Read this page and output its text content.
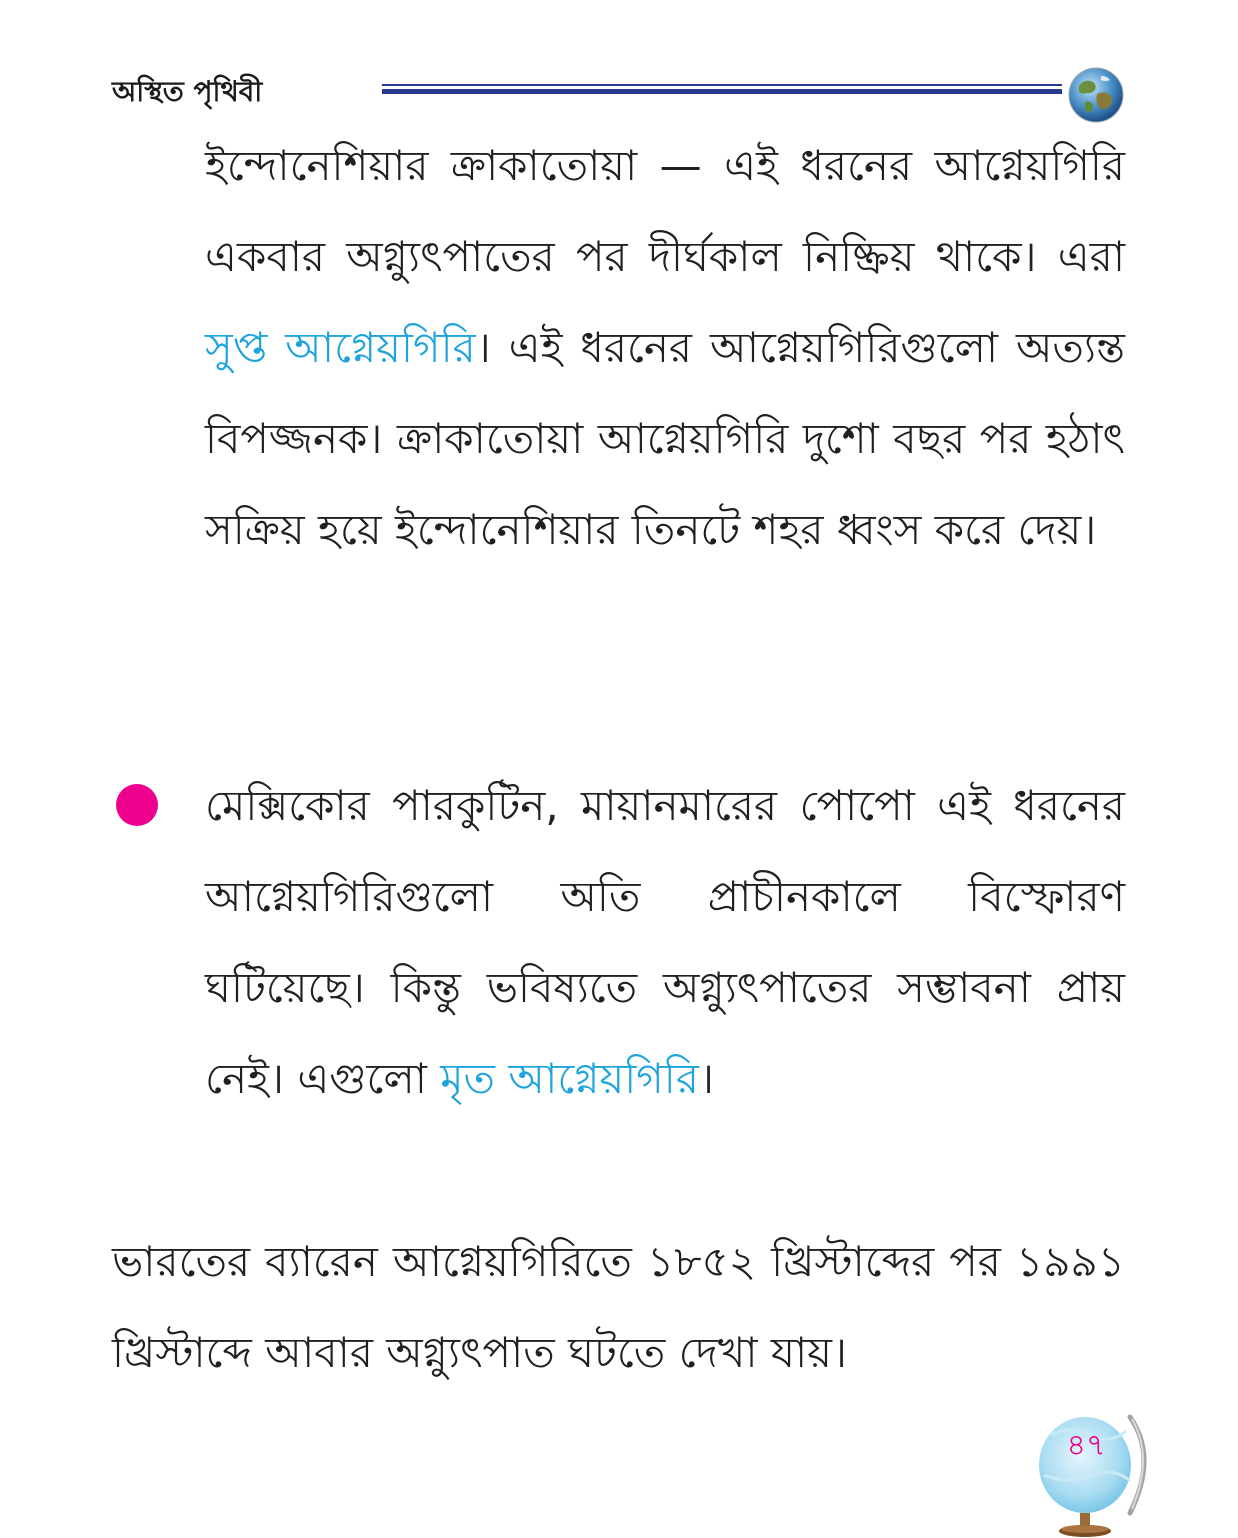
অস্থিত পৃথিবী
ইন্দোনেশিয়ার ক্রাকাতোয়া — এই ধরনের আগ্নেয়গিরি একবার অগ্ন্যুৎপাতের পর দীর্ঘকাল নিষ্ক্রিয় থাকে। এরা সুপ্ত আগ্নেয়গিরি। এই ধরনের আগ্নেয়গিরিগুলো অত্যন্ত বিপজ্জনক। ক্রাকাতোয়া আগ্নেয়গিরি দুশো বছর পর হঠাৎ সক্রিয় হয়ে ইন্দোনেশিয়ার তিনটে শহর ধ্বংস করে দেয়।
মেক্সিকোর পারকুটিন, মায়ানমারের পোপো এই ধরনের আগ্নেয়গিরিগুলো অতি প্রাচীনকালে বিস্ফোরণ ঘটিয়েছে। কিন্তু ভবিষ্যতে অগ্ন্যুৎপাতের সম্ভাবনা প্রায় নেই। এগুলো মৃত আগ্নেয়গিরি।
ভারতের ব্যারেন আগ্নেয়গিরিতে ১৮৫২ খ্রিস্টাব্দের পর ১৯৯১ খ্রিস্টাব্দে আবার অগ্ন্যুৎপাত ঘটতে দেখা যায়।
৪৭
